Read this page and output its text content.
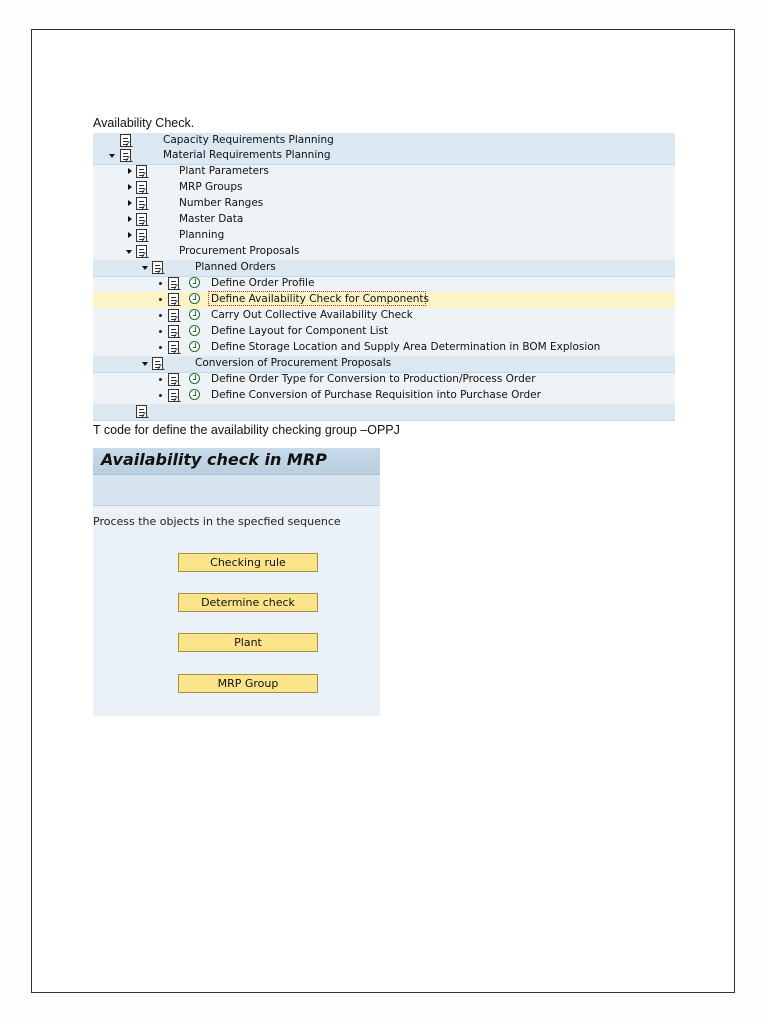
Availability Check.
Capacity Requirements Planning
Material Requirements Planning
Plant Parameters
MRP Groups
Number Ranges
Master Data
Planning
Procurement Proposals
Planned Orders
Define Order Profile
Define Availability Check for Components
Carry Out Collective Availability Check
Define Layout for Component List
Define Storage Location and Supply Area Determination in BOM Explosion
Conversion of Procurement Proposals
Define Order Type for Conversion to Production/Process Order
Define Conversion of Purchase Requisition into Purchase Order
T code for define the availability checking group –OPPJ
Availability check in MRP
Process the objects in the specfied sequence
Checking rule
Determine check
Plant
MRP Group
